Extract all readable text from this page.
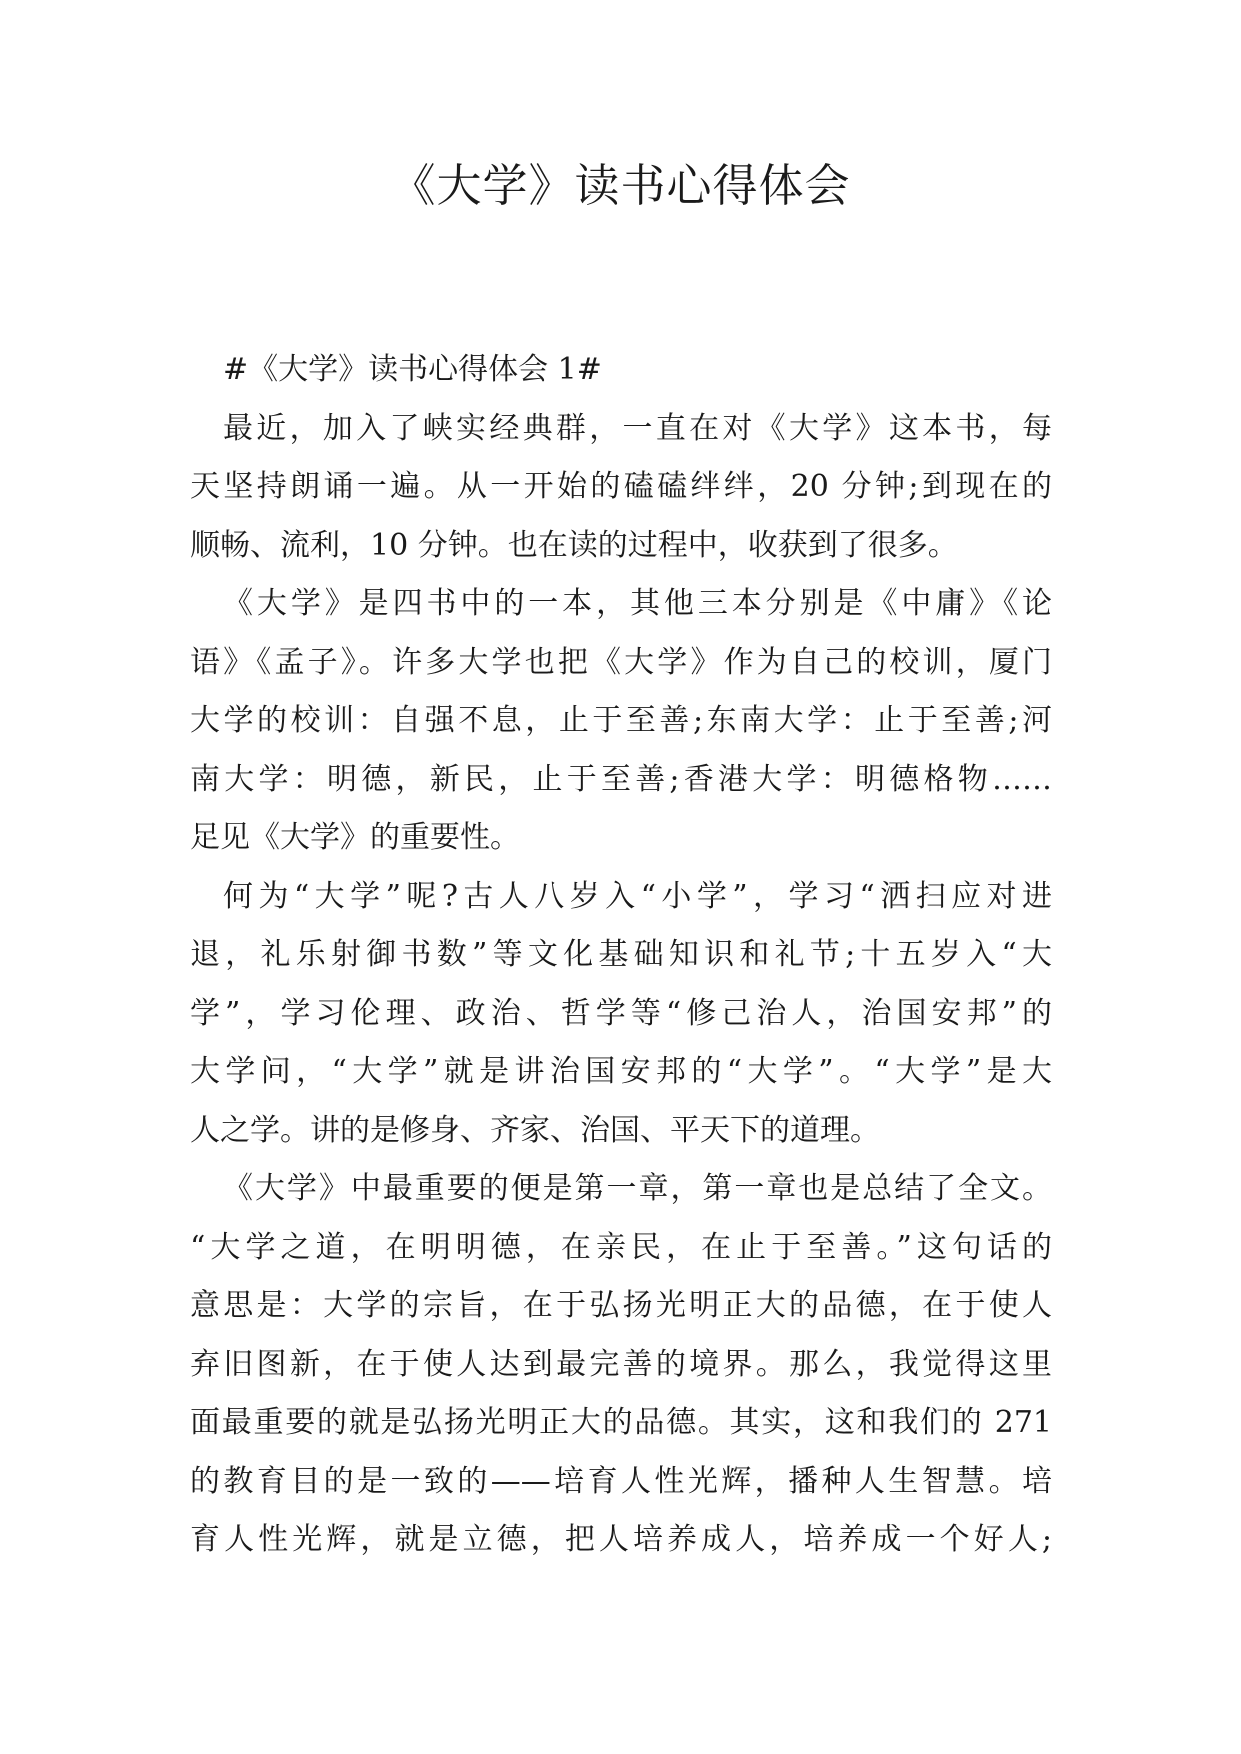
《大学》读书心得体会
#《大学》读书心得体会 1#
最近，加入了峡实经典群，一直在对《大学》这本书，每
天坚持朗诵一遍。从一开始的磕磕绊绊，20 分钟;到现在的
顺畅、流利，10 分钟。也在读的过程中，收获到了很多。
《大学》是四书中的一本，其他三本分别是《中庸》《论
语》《孟子》。许多大学也把《大学》作为自己的校训，厦门
大学的校训：自强不息，止于至善;东南大学：止于至善;河
南大学：明德，新民，止于至善;香港大学：明德格物……
足见《大学》的重要性。
何为“大学”呢?古人八岁入“小学”，学习“洒扫应对进
退，礼乐射御书数”等文化基础知识和礼节;十五岁入“大
学”，学习伦理、政治、哲学等“修己治人，治国安邦”的
大学问，“大学”就是讲治国安邦的“大学”。“大学”是大
人之学。讲的是修身、齐家、治国、平天下的道理。
《大学》中最重要的便是第一章，第一章也是总结了全文。
“大学之道，在明明德，在亲民，在止于至善。”这句话的
意思是：大学的宗旨，在于弘扬光明正大的品德，在于使人
弃旧图新，在于使人达到最完善的境界。那么，我觉得这里
面最重要的就是弘扬光明正大的品德。其实，这和我们的 271
的教育目的是一致的——培育人性光辉，播种人生智慧。培
育人性光辉，就是立德，把人培养成人，培养成一个好人;
